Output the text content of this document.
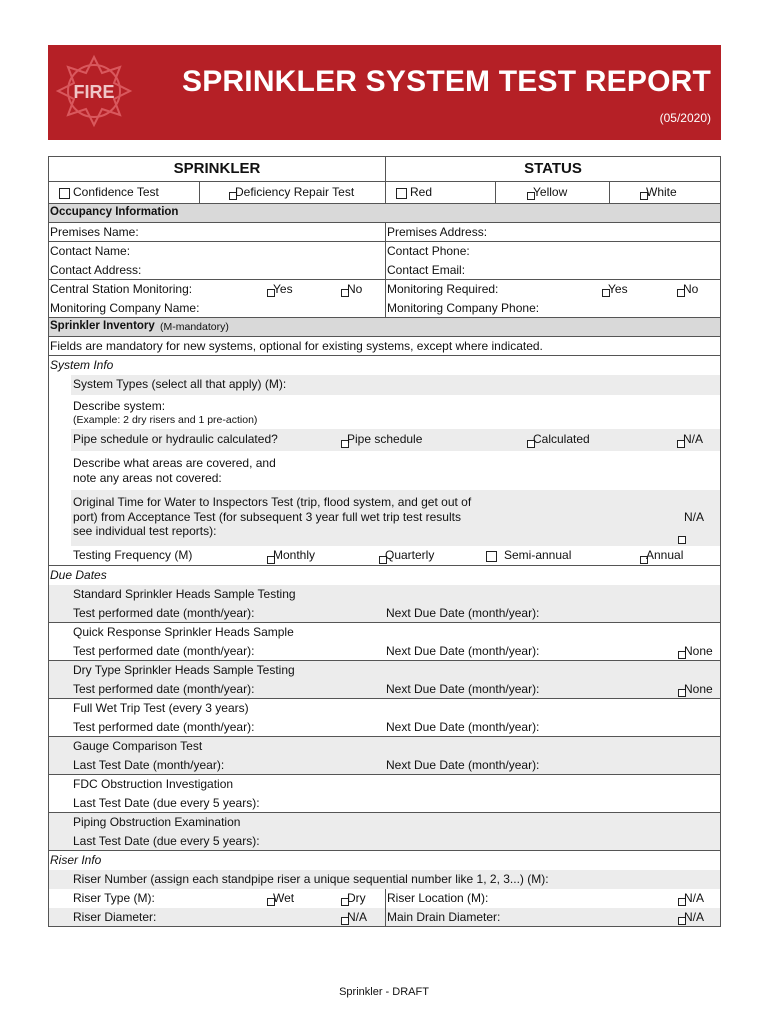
FIRE SPRINKLER SYSTEM TEST REPORT
(05/2020)
SPRINKLER	STATUS
Confidence Test	Deficiency Repair Test	Red	Yellow	White
Occupancy Information
Premises Name:	Premises Address:
Contact Name:	Contact Phone:
Contact Address:	Contact Email:
Central Station Monitoring:	Yes	No Monitoring Required:	Yes	No
Monitoring Company Name:	Monitoring Company Phone:
Sprinkler Inventory (M-mandatory)
Fields are mandatory for new systems, optional for existing systems, except where indicated.
System Info
System Types (select all that apply) (M):
Describe system:
(Example: 2 dry risers and 1 pre-action)
Pipe schedule or hydraulic calculated?	Pipe schedule	Calculated	N/A
Describe what areas are covered, and
note any areas not covered:
Original Time for Water to Inspectors Test (trip, flood system, and get out of
port) from Acceptance Test (for subsequent 3 year full wet trip test results
see individual test reports):
N/A
Testing Frequency (M)	Monthly	Quarterly	Semi-annual	Annual
Due Dates
Standard Sprinkler Heads Sample Testing
Test performed date (month/year):	Next Due Date (month/year):
Quick Response Sprinkler Heads Sample
Test performed date (month/year):	Next Due Date (month/year):	None
Dry Type Sprinkler Heads Sample Testing
Test performed date (month/year):	Next Due Date (month/year):	None
Full Wet Trip Test (every 3 years)
Test performed date (month/year):	Next Due Date (month/year):
Gauge Comparison Test
Last Test Date (month/year):	Next Due Date (month/year):
FDC Obstruction Investigation
Last Test Date (due every 5 years):
Piping Obstruction Examination
Last Test Date (due every 5 years):
Riser Info
Riser Number (assign each standpipe riser a unique sequential number like 1, 2, 3...) (M):
Riser Type (M):	Wet	Dry Riser Location (M):	N/A
Riser Diameter:	N/A Main Drain Diameter:	N/A
Sprinkler - DRAFT
